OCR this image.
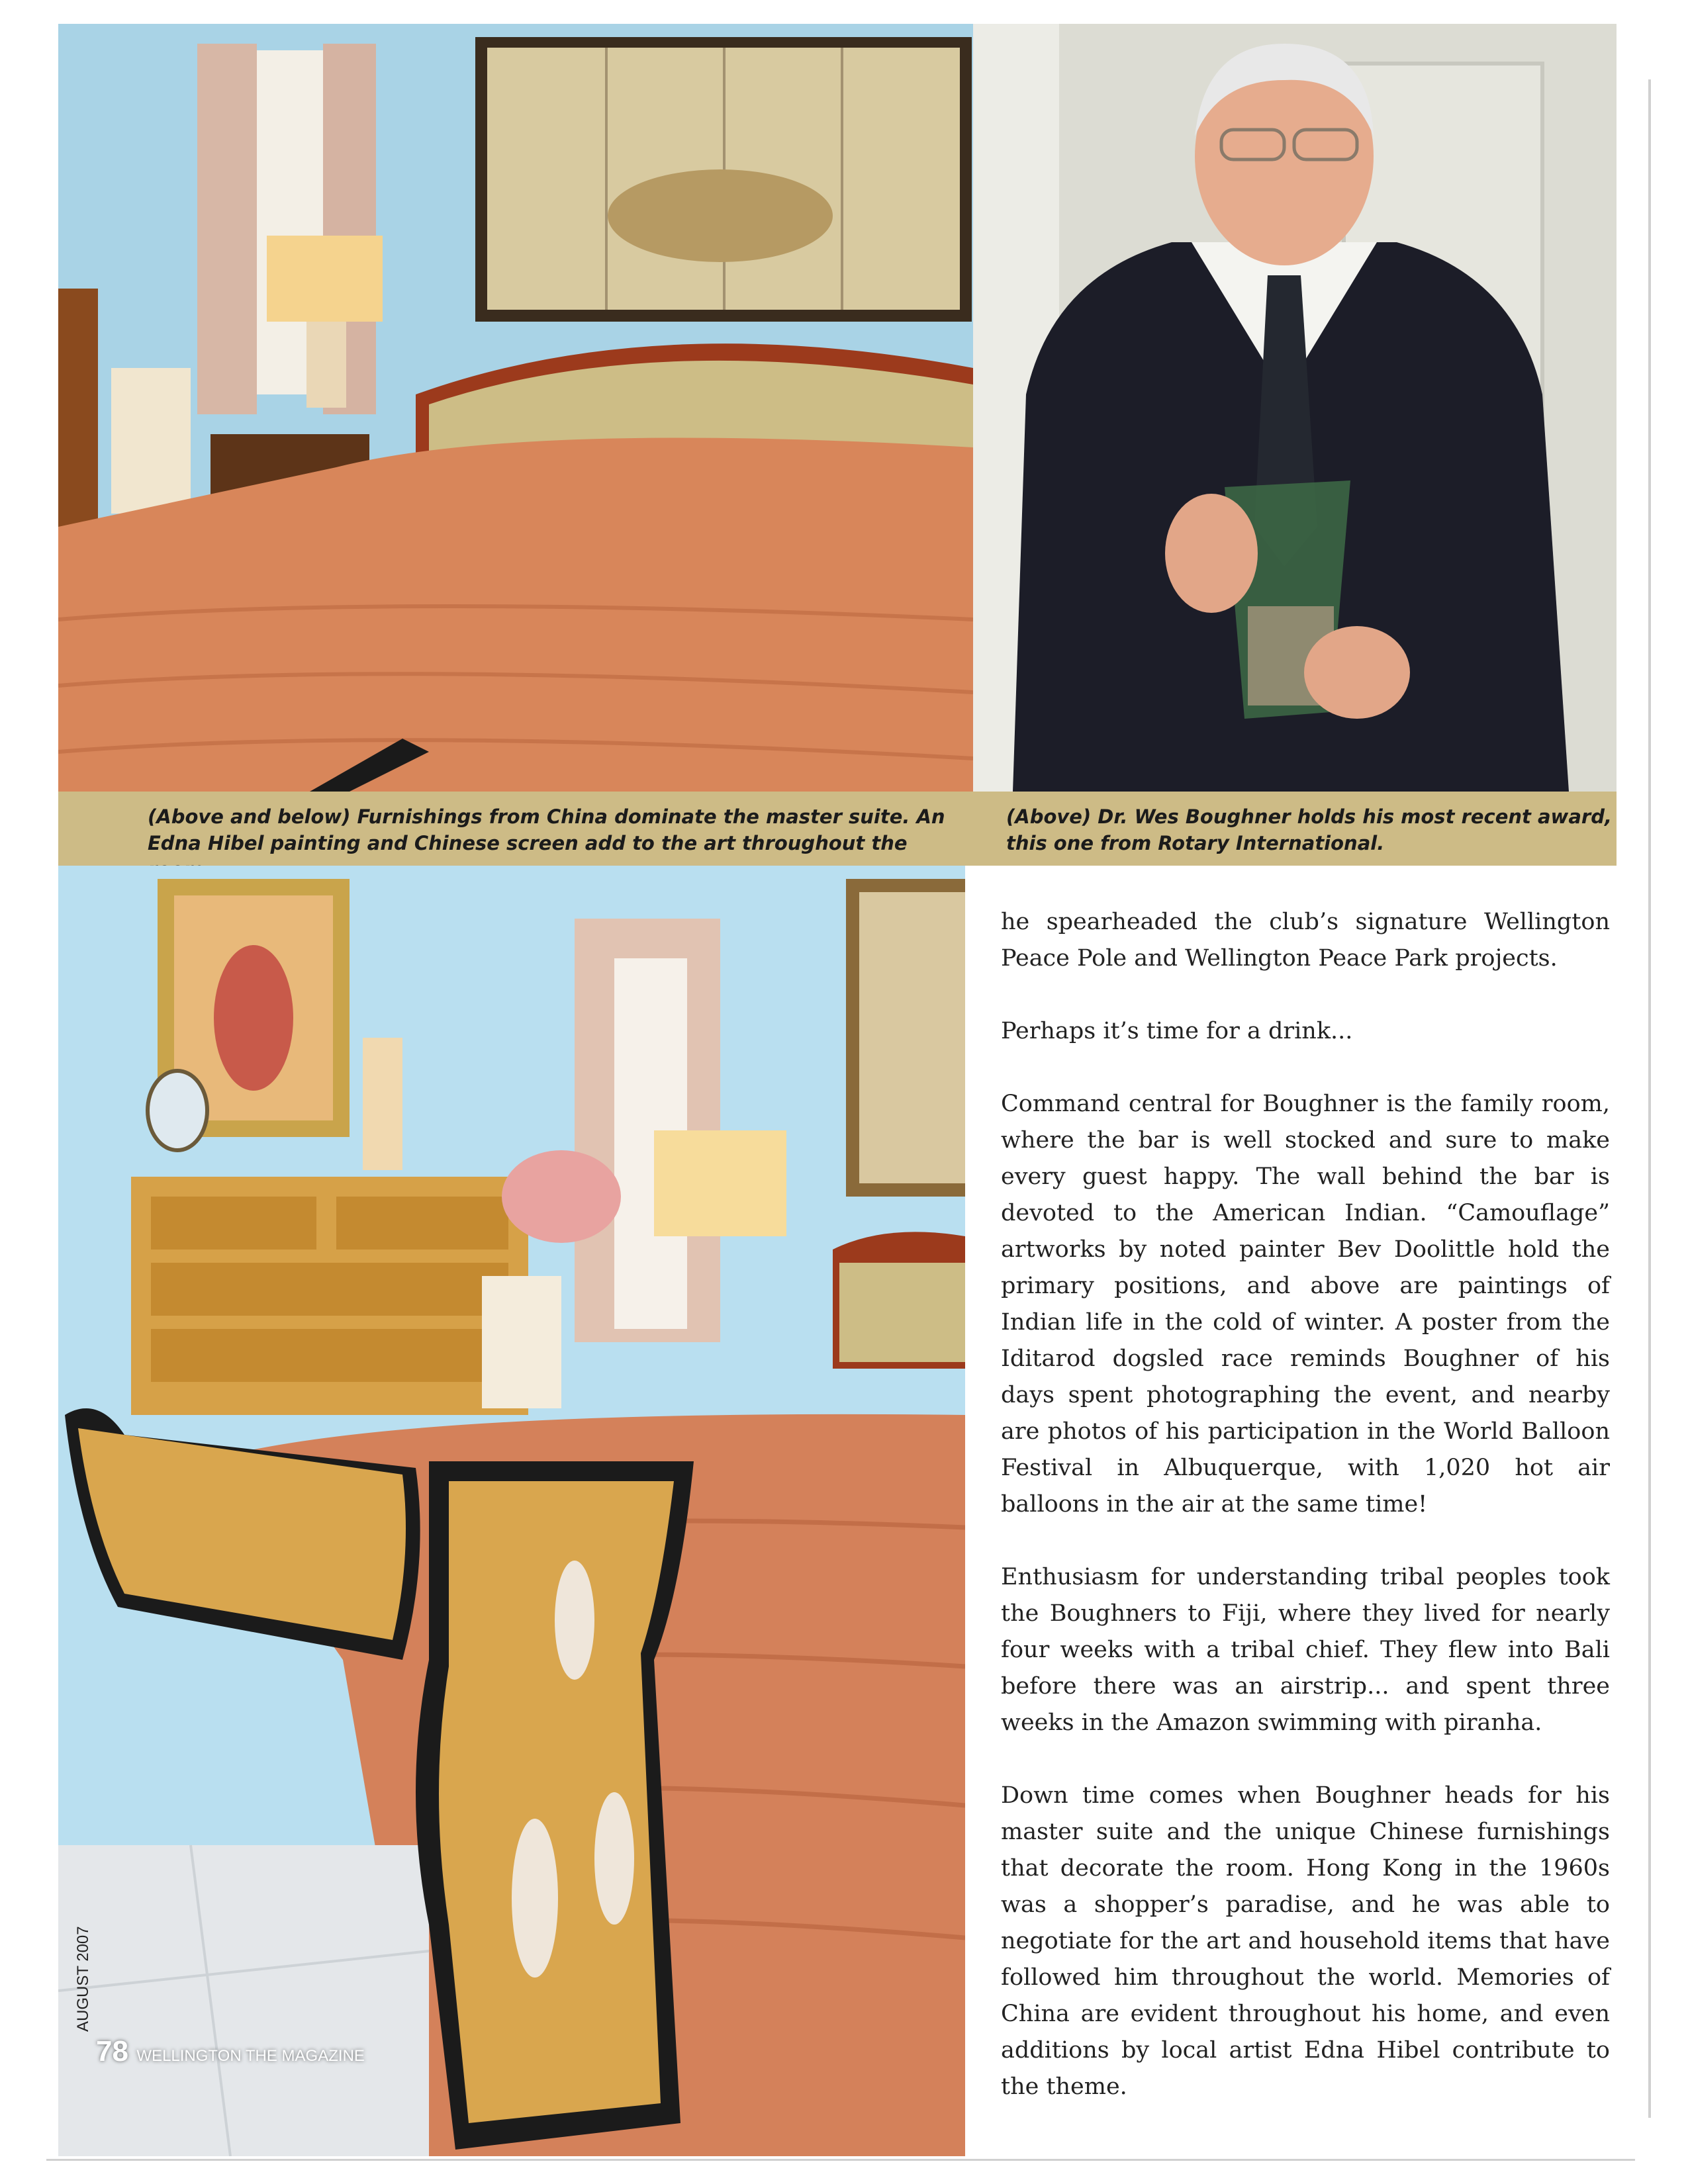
(Above and below) Furnishings from China dominate the master suite. An
Edna Hibel painting and Chinese screen add to the art throughout the
(Above) Dr. Wes Boughner holds his most recent award,
this one from Rotary International.

he spearheaded the club’s signature Wellington Peace Pole and Wellington Peace Park projects.

Perhaps it’s time for a drink...

Command central for Boughner is the family room, where the bar is well stocked and sure to make every guest happy. The wall behind the bar is devoted to the American Indian. “Camouflage” artworks by noted painter Bev Doolittle hold the primary positions, and above are paintings of Indian life in the cold of winter. A poster from the Iditarod dogsled race reminds Boughner of his days spent photographing the event, and nearby are photos of his participation in the World Balloon Festival in Albuquerque, with 1,020 hot air balloons in the air at the same time!

Enthusiasm for understanding tribal peoples took the Boughners to Fiji, where they lived for nearly four weeks with a tribal chief. They flew into Bali before there was an airstrip... and spent three weeks in the Amazon swimming with piranha.

Down time comes when Boughner heads for his master suite and the unique Chinese furnishings that decorate the room. Hong Kong in the 1960s was a shopper’s paradise, and he was able to negotiate for the art and household items that have followed him throughout the world. Memories of China are evident throughout his home, and even additions by local artist Edna Hibel contribute to the theme.

AUGUST 2007
78 WELLINGTON THE MAGAZINE
